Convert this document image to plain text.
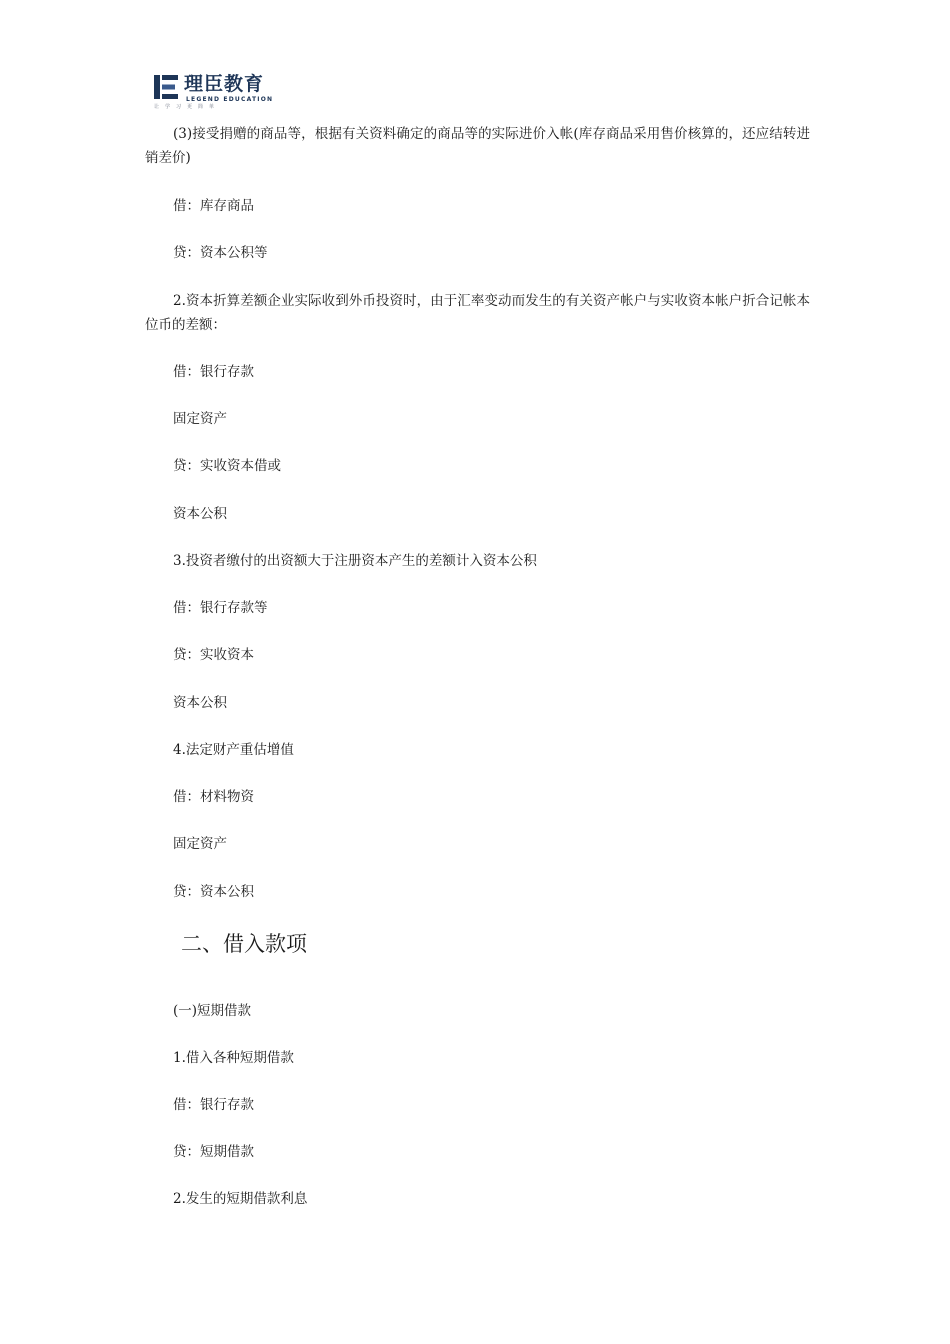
理臣教育
LEGEND EDUCATION
让学习更简单

(3)接受捐赠的商品等，根据有关资料确定的商品等的实际进价入帐(库存商品采用售价核算的，还应结转进销差价)

借：库存商品

贷：资本公积等

2.资本折算差额企业实际收到外币投资时，由于汇率变动而发生的有关资产帐户与实收资本帐户折合记帐本位币的差额：

借：银行存款

固定资产

贷：实收资本借或

资本公积

3.投资者缴付的出资额大于注册资本产生的差额计入资本公积

借：银行存款等

贷：实收资本

资本公积

4.法定财产重估增值

借：材料物资

固定资产

贷：资本公积

二、借入款项

(一)短期借款

1.借入各种短期借款

借：银行存款

贷：短期借款

2.发生的短期借款利息
